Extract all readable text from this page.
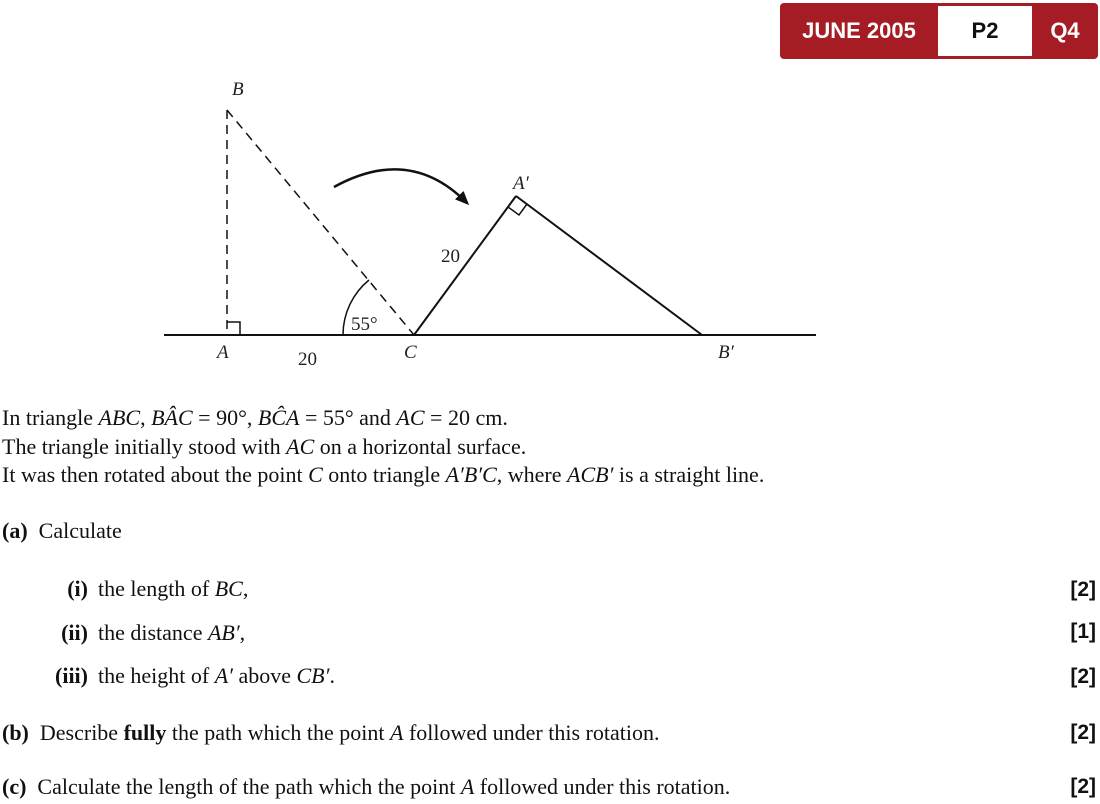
JUNE 2005	P2	Q4
B
A	C
A′
B′
55°
20
20
In triangle ABC, BÂC = 90°, BĈA = 55° and AC = 20 cm.
The triangle initially stood with AC on a horizontal surface.
It was then rotated about the point C onto triangle A′B′C, where ACB′ is a straight line.
(a) Calculate
(i) the length of BC,	[2]
(ii) the distance AB′,	[1]
(iii) the height of A′ above CB′.	[2]
(b) Describe fully the path which the point A followed under this rotation.	[2]
(c) Calculate the length of the path which the point A followed under this rotation.	[2]
